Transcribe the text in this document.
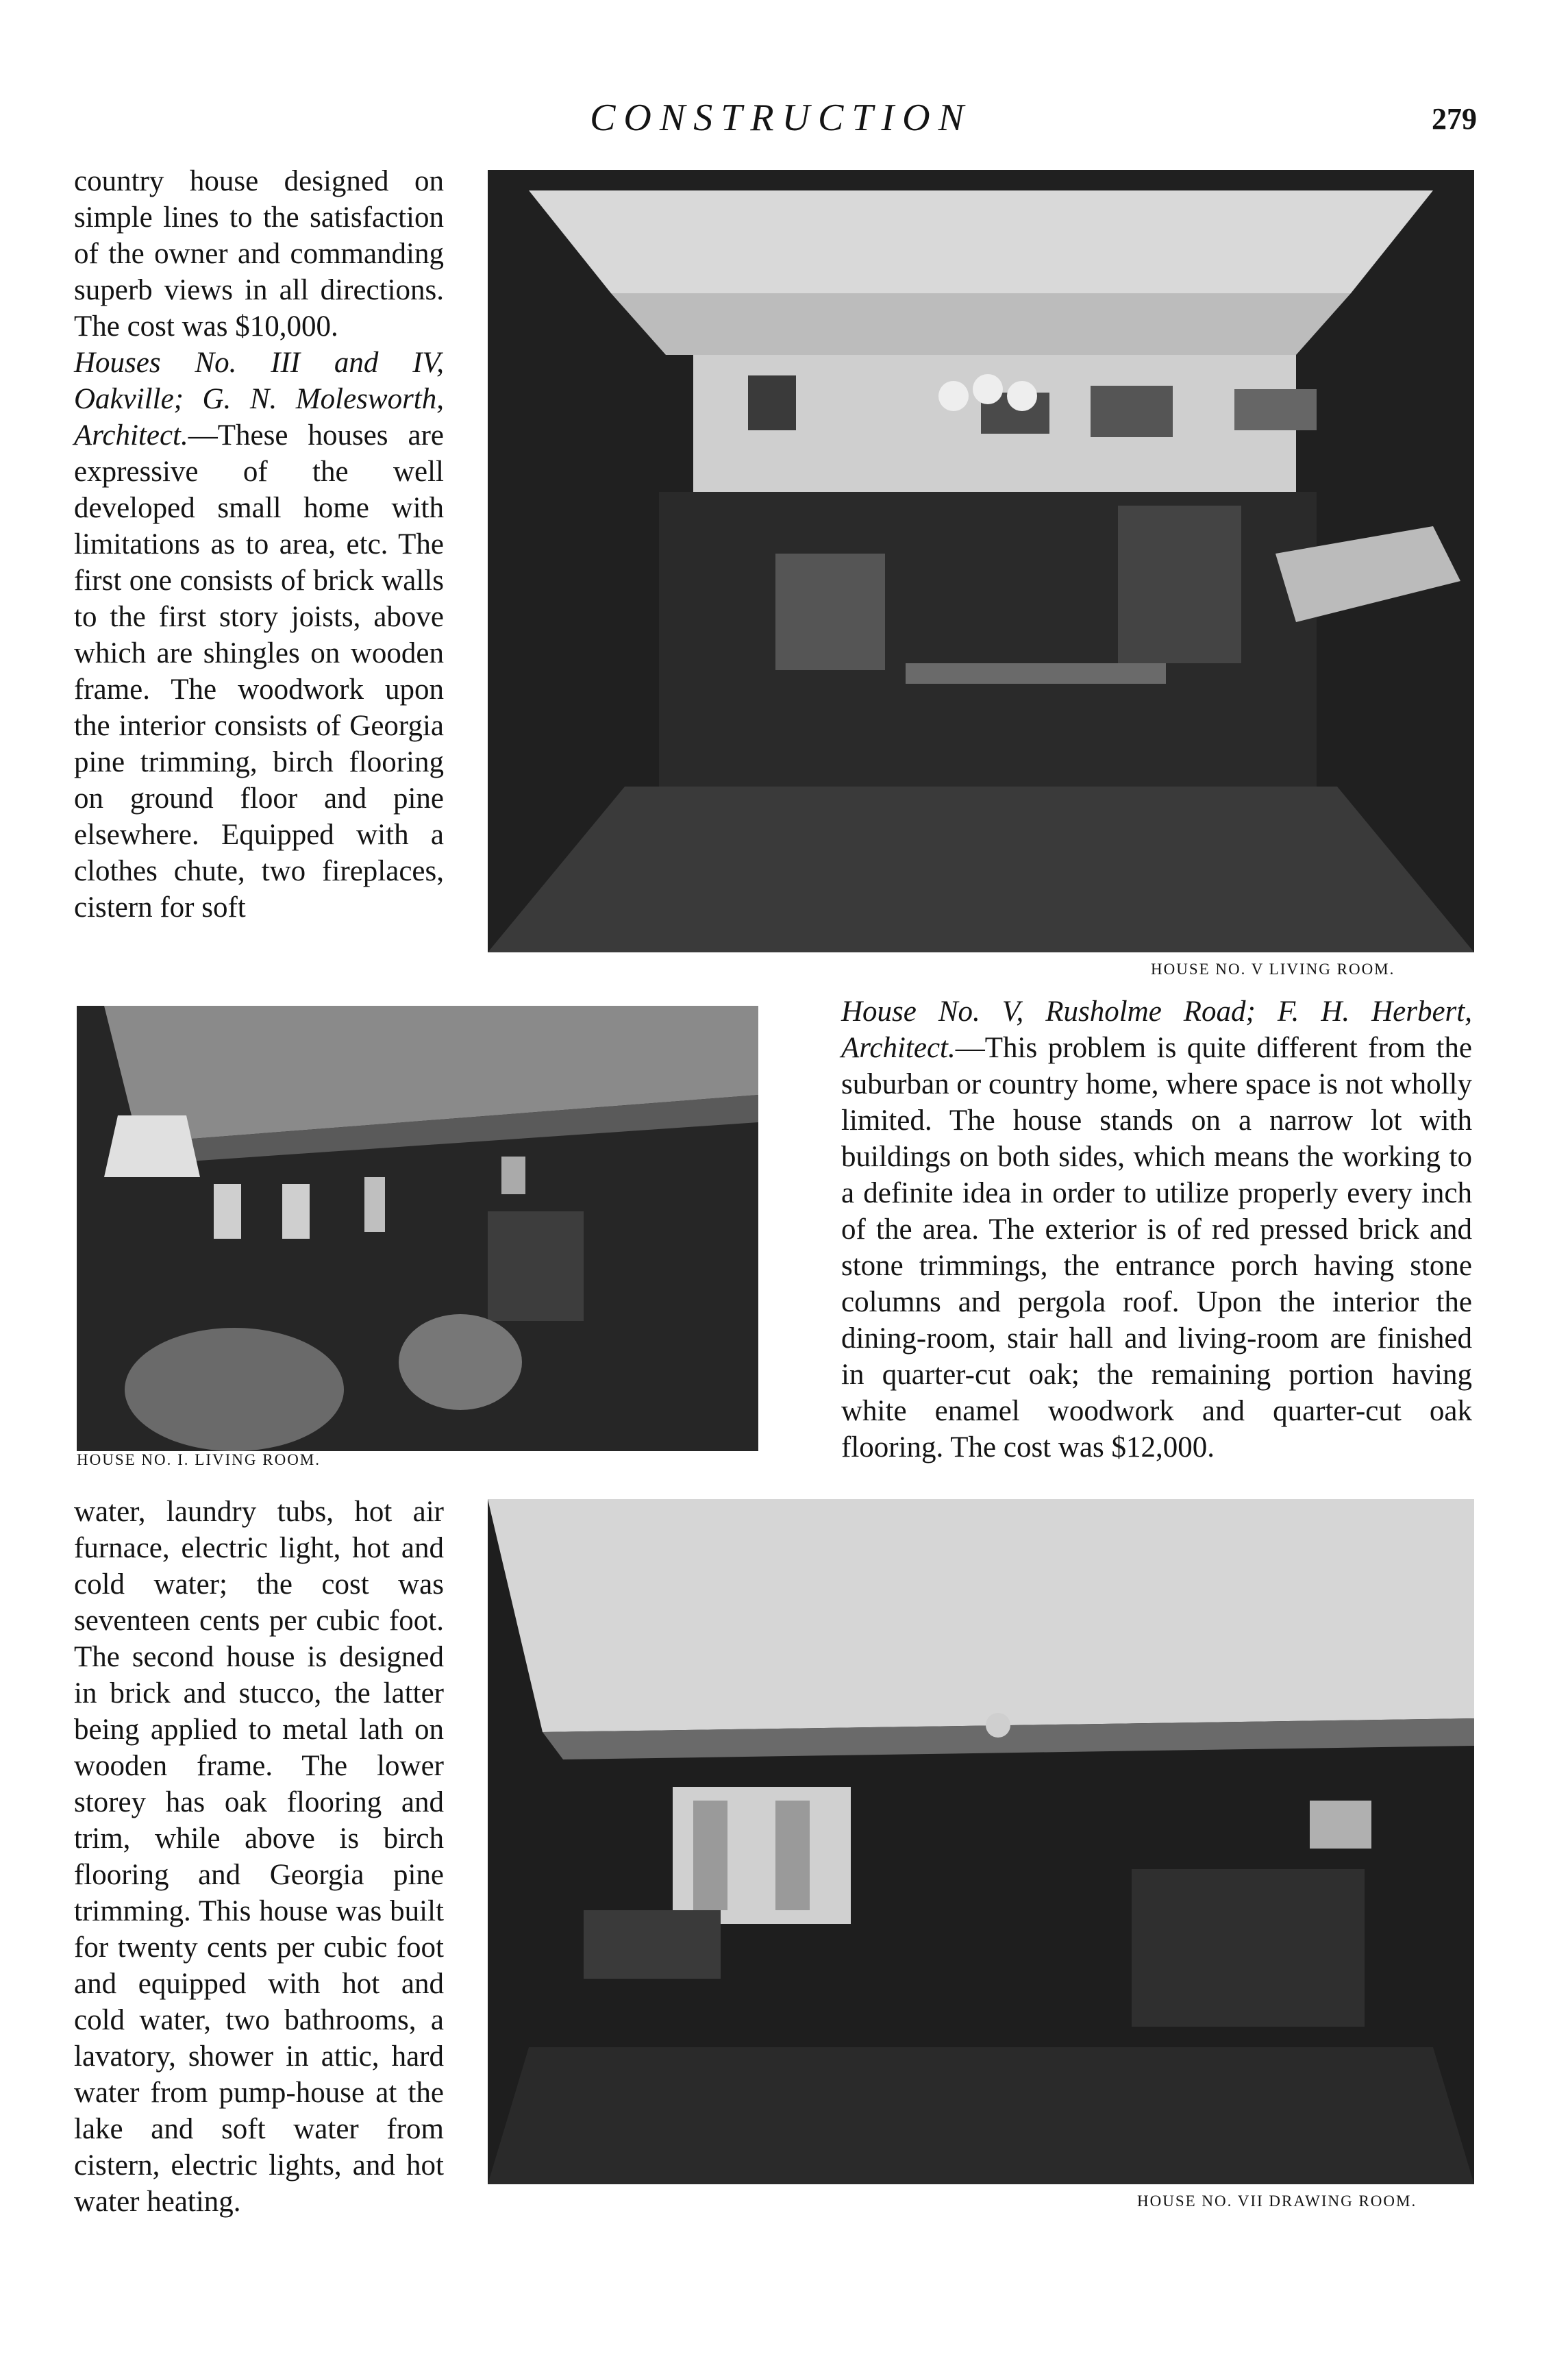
CONSTRUCTION	279

country house designed on simple lines to the satisfaction of the owner and commanding superb views in all directions. The cost was $10,000.
Houses No. III and IV, Oakville; G. N. Molesworth, Architect.—These houses are expressive of the well developed small home with limitations as to area, etc. The first one consists of brick walls to the first story joists, above which are shingles on wooden frame. The woodwork upon the interior consists of Georgia pine trimming, birch flooring on ground floor and pine elsewhere. Equipped with a clothes chute, two fireplaces, cistern for soft

HOUSE NO. V LIVING ROOM.
HOUSE NO. I. LIVING ROOM.

House No. V, Rusholme Road; F. H. Herbert, Architect.—This problem is quite different from the suburban or country home, where space is not wholly limited. The house stands on a narrow lot with buildings on both sides, which means the working to a definite idea in order to utilize properly every inch of the area. The exterior is of red pressed brick and stone trimmings, the entrance porch having stone columns and pergola roof. Upon the interior the dining-room, stair hall and living-room are finished in quarter-cut oak; the remaining portion having white enamel woodwork and quarter-cut oak flooring. The cost was $12,000.

water, laundry tubs, hot air furnace, electric light, hot and cold water; the cost was seventeen cents per cubic foot. The second house is designed in brick and stucco, the latter being applied to metal lath on wooden frame. The lower storey has oak flooring and trim, while above is birch flooring and Georgia pine trimming. This house was built for twenty cents per cubic foot and equipped with hot and cold water, two bathrooms, a lavatory, shower in attic, hard water from pump-house at the lake and soft water from cistern, electric lights, and hot water heating.	HOUSE NO. VII DRAWING ROOM.
